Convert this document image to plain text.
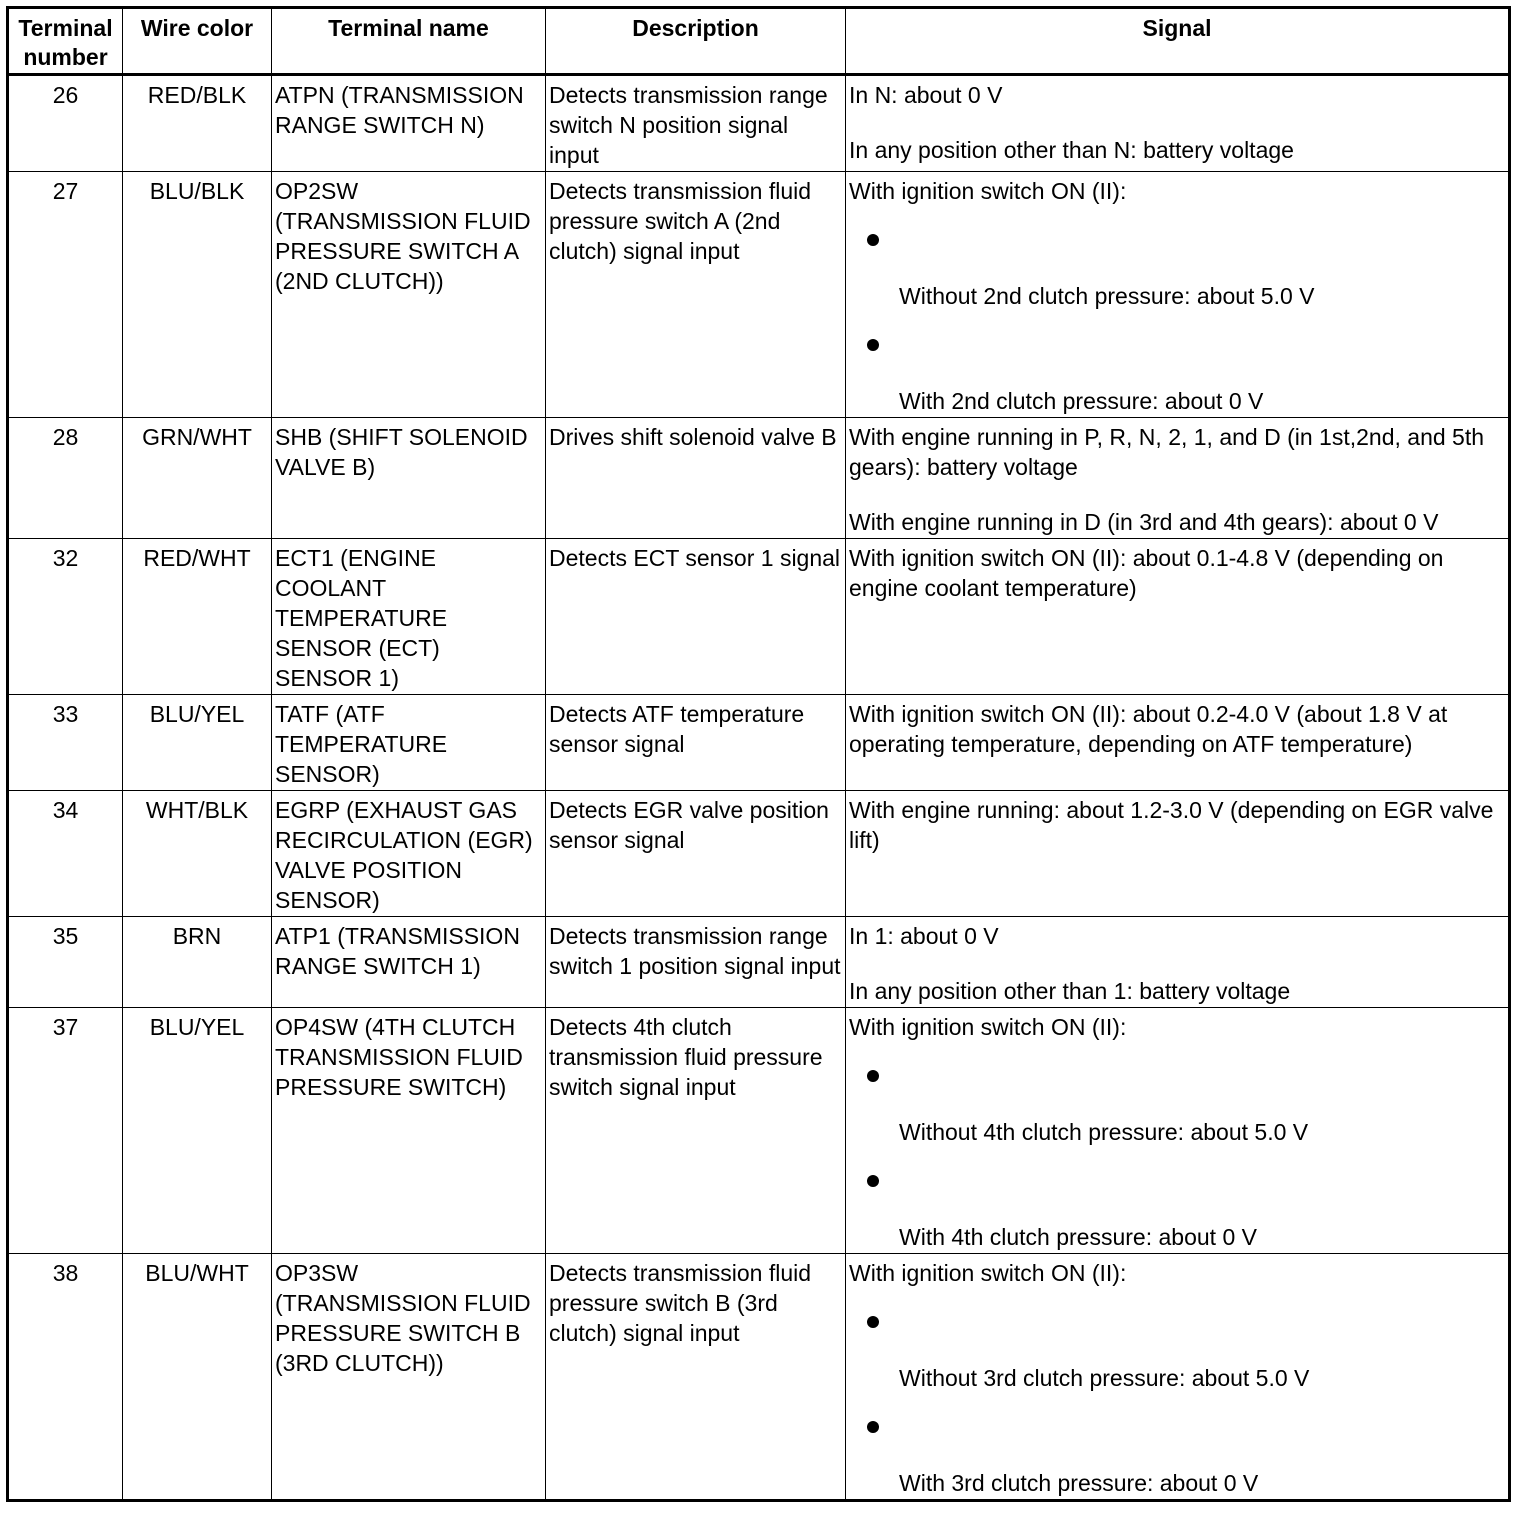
Terminal number	Wire color	Terminal name	Description	Signal
26	RED/BLK	ATPN (TRANSMISSION RANGE SWITCH N)	Detects transmission range switch N position signal input	In N: about 0 V
In any position other than N: battery voltage

27	BLU/BLK	OP2SW (TRANSMISSION FLUID PRESSURE SWITCH A (2ND CLUTCH))	Detects transmission fluid pressure switch A (2nd clutch) signal input	With ignition switch ON (II):
Without 2nd clutch pressure: about 5.0 V
With 2nd clutch pressure: about 0 V

28	GRN/WHT	SHB (SHIFT SOLENOID VALVE B)	Drives shift solenoid valve B	With engine running in P, R, N, 2, 1, and D (in 1st,2nd, and 5th gears): battery voltage
With engine running in D (in 3rd and 4th gears): about 0 V

32	RED/WHT	ECT1 (ENGINE COOLANT TEMPERATURE SENSOR (ECT) SENSOR 1)	Detects ECT sensor 1 signal	With ignition switch ON (II): about 0.1-4.8 V (depending on engine coolant temperature)

33	BLU/YEL	TATF (ATF TEMPERATURE SENSOR)	Detects ATF temperature sensor signal	With ignition switch ON (II): about 0.2-4.0 V (about 1.8 V at operating temperature, depending on ATF temperature)

34	WHT/BLK	EGRP (EXHAUST GAS RECIRCULATION (EGR) VALVE POSITION SENSOR)	Detects EGR valve position sensor signal	With engine running: about 1.2-3.0 V (depending on EGR valve lift)

35	BRN	ATP1 (TRANSMISSION RANGE SWITCH 1)	Detects transmission range switch 1 position signal input	In 1: about 0 V
In any position other than 1: battery voltage

37	BLU/YEL	OP4SW (4TH CLUTCH TRANSMISSION FLUID PRESSURE SWITCH)	Detects 4th clutch transmission fluid pressure switch signal input	With ignition switch ON (II):
Without 4th clutch pressure: about 5.0 V
With 4th clutch pressure: about 0 V

38	BLU/WHT	OP3SW (TRANSMISSION FLUID PRESSURE SWITCH B (3RD CLUTCH))	Detects transmission fluid pressure switch B (3rd clutch) signal input	With ignition switch ON (II):
Without 3rd clutch pressure: about 5.0 V
With 3rd clutch pressure: about 0 V
